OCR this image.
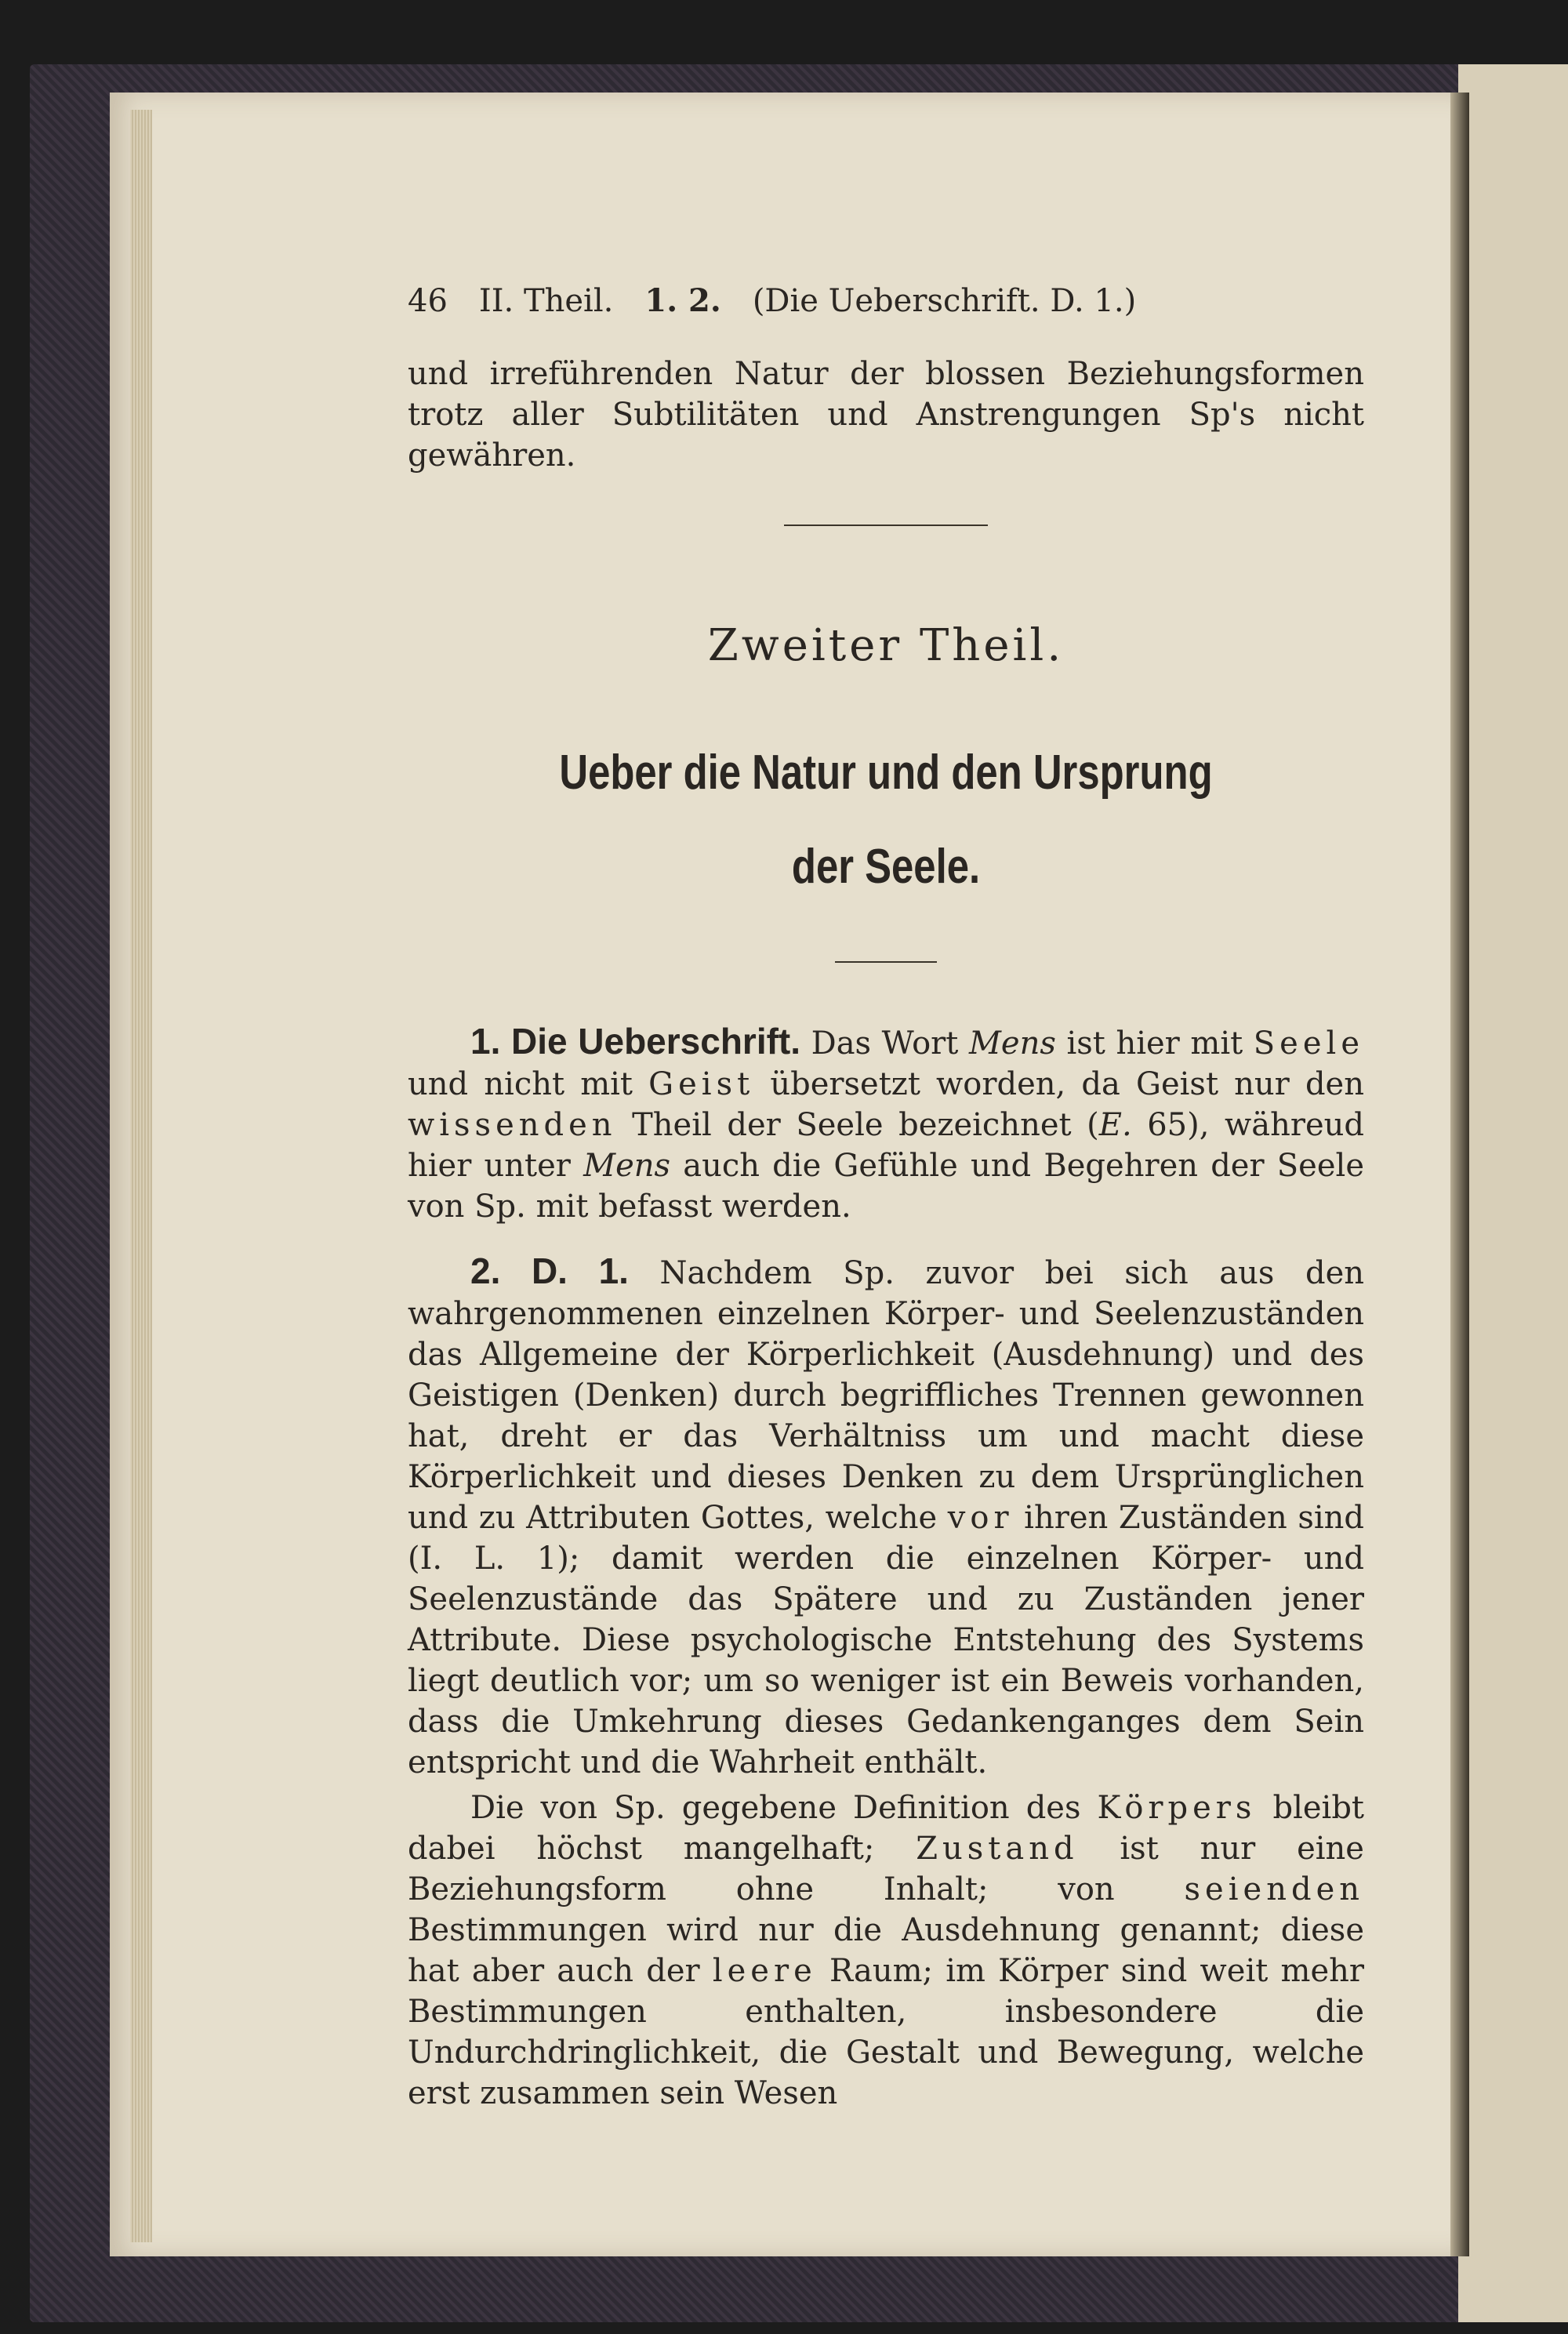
46 II. Theil. 1. 2. (Die Ueberschrift. D. 1.)

und irreführenden Natur der blossen Beziehungsformen trotz aller Subtilitäten und Anstrengungen Sp's nicht gewähren.

Zweiter Theil.
Ueber die Natur und den Ursprung
der Seele.

1. Die Ueberschrift. Das Wort Mens ist hier mit Seele und nicht mit Geist übersetzt worden, da Geist nur den wissenden Theil der Seele bezeichnet (E. 65), währeud hier unter Mens auch die Gefühle und Begehren der Seele von Sp. mit befasst werden.

2. D. 1. Nachdem Sp. zuvor bei sich aus den wahrgenommenen einzelnen Körper- und Seelenzuständen das Allgemeine der Körperlichkeit (Ausdehnung) und des Geistigen (Denken) durch begriffliches Trennen gewonnen hat, dreht er das Verhältniss um und macht diese Körperlichkeit und dieses Denken zu dem Ursprünglichen und zu Attributen Gottes, welche vor ihren Zuständen sind (I. L. 1); damit werden die einzelnen Körper- und Seelenzustände das Spätere und zu Zuständen jener Attribute. Diese psychologische Entstehung des Systems liegt deutlich vor; um so weniger ist ein Beweis vorhanden, dass die Umkehrung dieses Gedankenganges dem Sein entspricht und die Wahrheit enthält.

Die von Sp. gegebene Definition des Körpers bleibt dabei höchst mangelhaft; Zustand ist nur eine Beziehungsform ohne Inhalt; von seienden Bestimmungen wird nur die Ausdehnung genannt; diese hat aber auch der leere Raum; im Körper sind weit mehr Bestimmungen enthalten, insbesondere die Undurchdringlichkeit, die Gestalt und Bewegung, welche erst zusammen sein Wesen
